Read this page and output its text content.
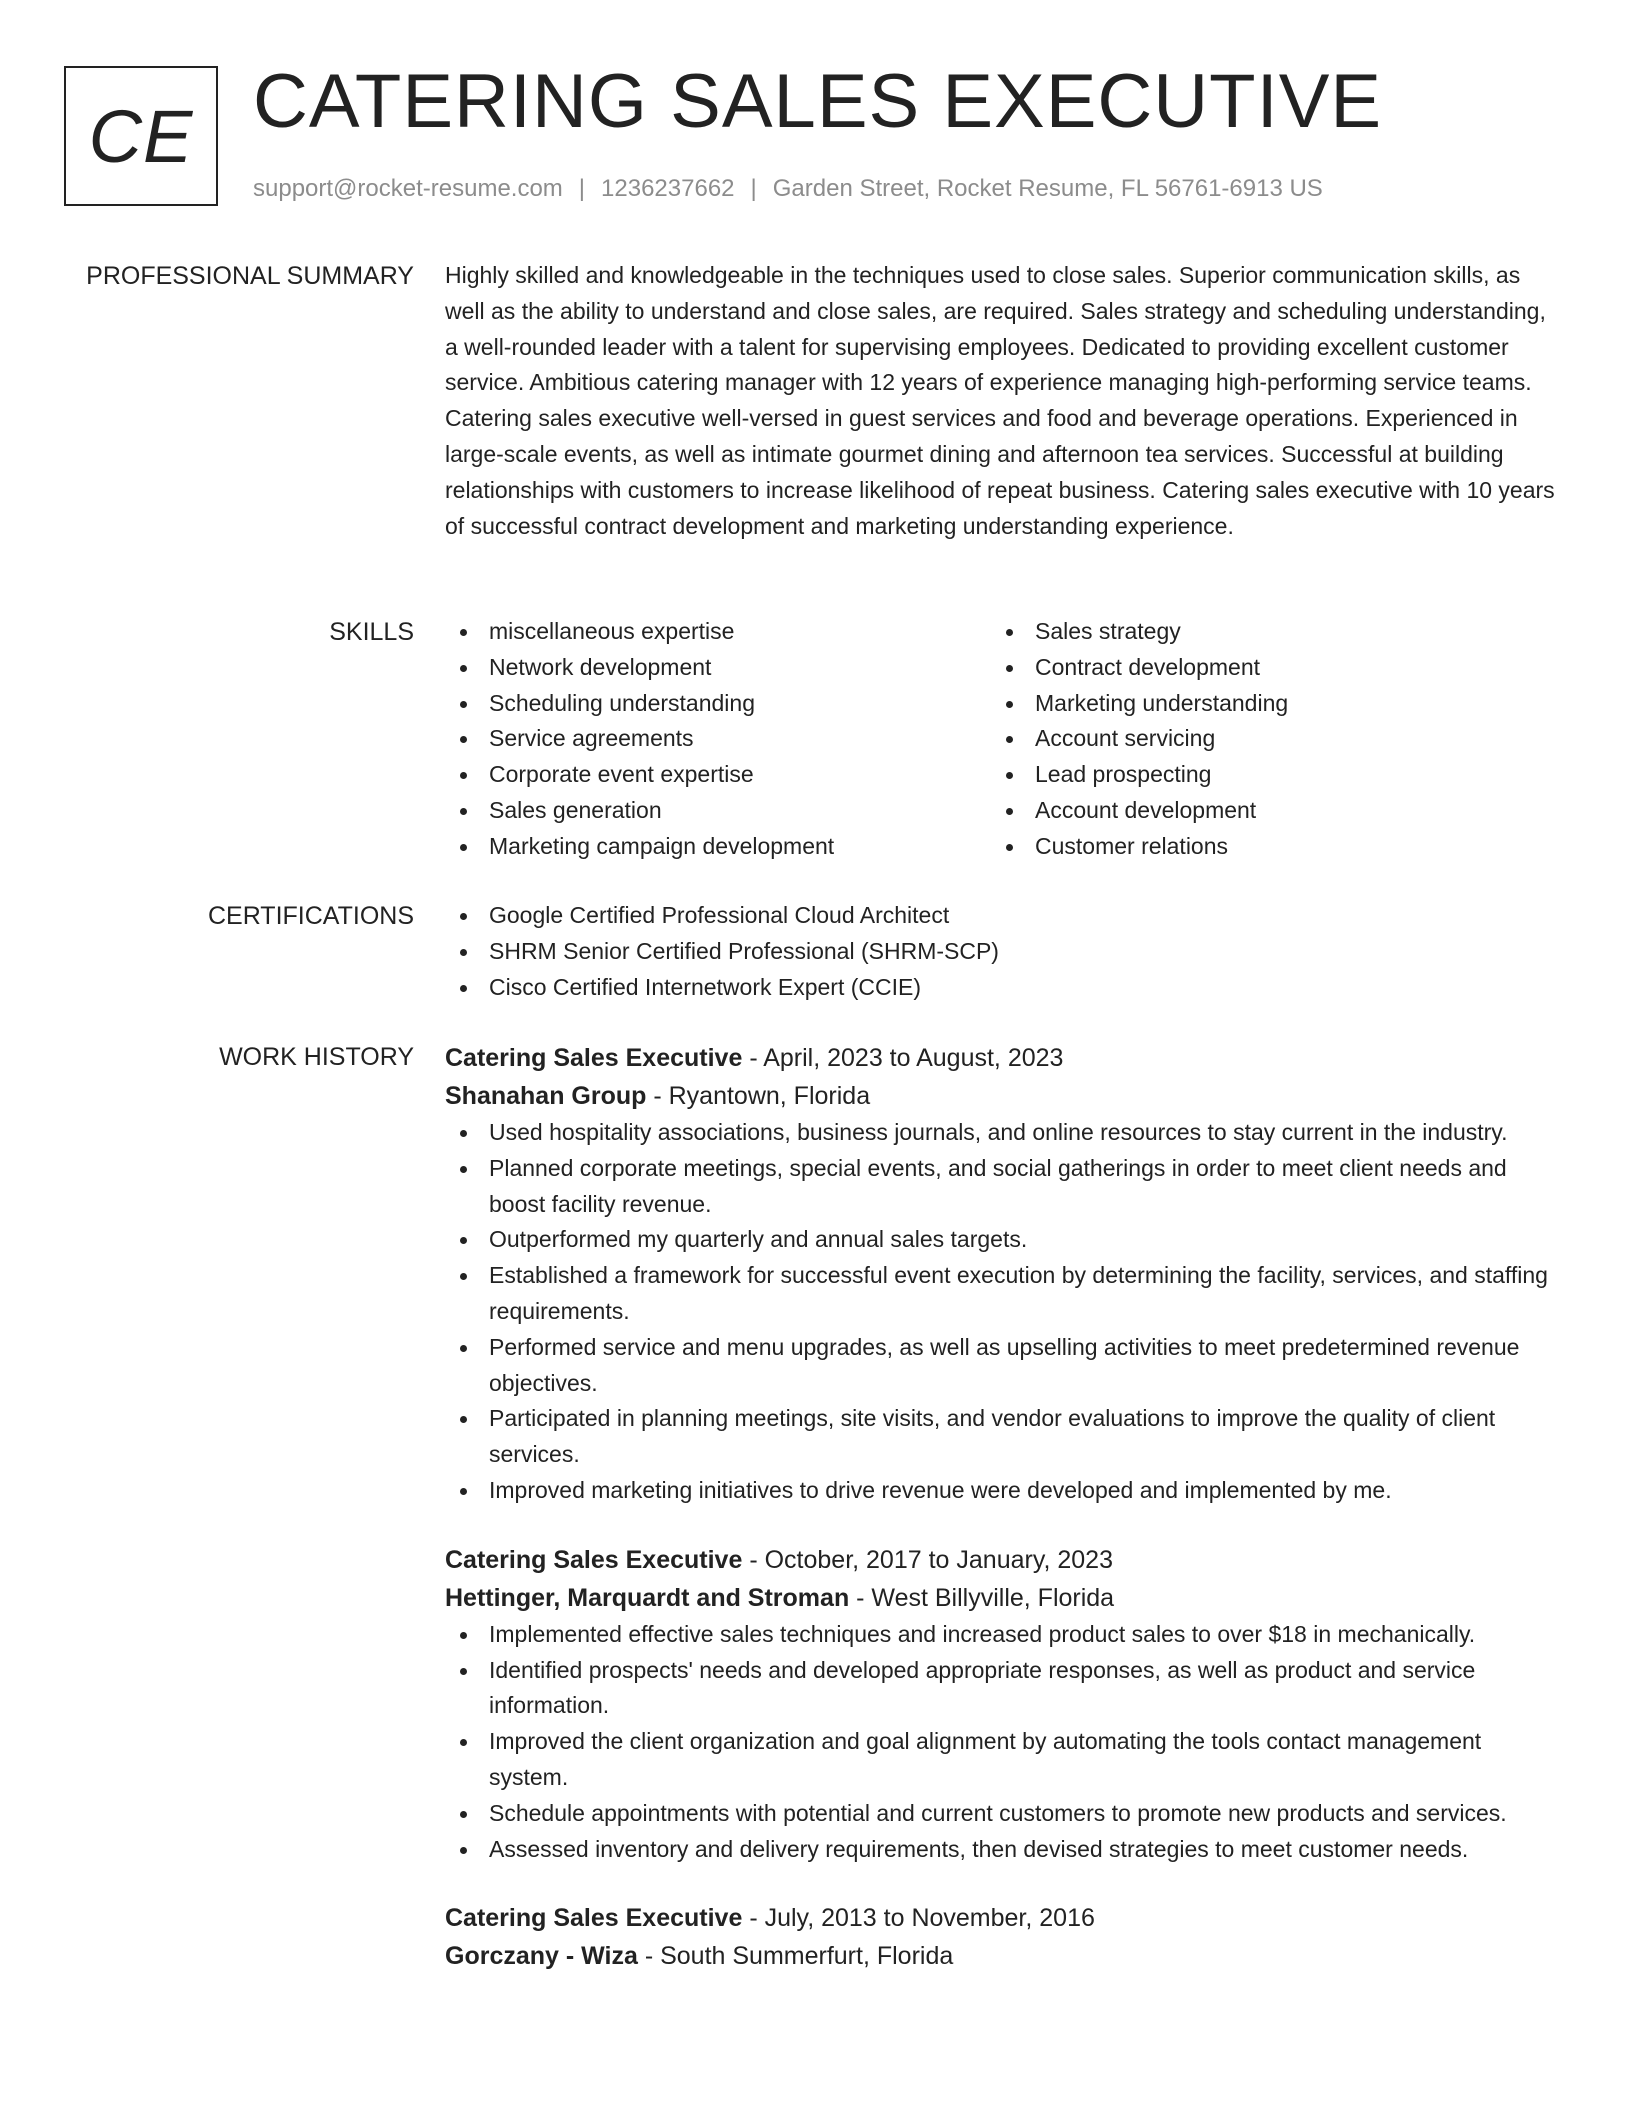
CE CATERING SALES EXECUTIVE
support@rocket-resume.com | 1236237662 | Garden Street, Rocket Resume, FL 56761-6913 US
PROFESSIONAL SUMMARY Highly skilled and knowledgeable in the techniques used to close sales. Superior communication skills, as well as the ability to understand and close sales, are required. Sales strategy and scheduling understanding, a well-rounded leader with a talent for supervising employees. Dedicated to providing excellent customer service. Ambitious catering manager with 12 years of experience managing high-performing service teams. Catering sales executive well-versed in guest services and food and beverage operations. Experienced in large-scale events, as well as intimate gourmet dining and afternoon tea services. Successful at building relationships with customers to increase likelihood of repeat business. Catering sales executive with 10 years of successful contract development and marketing understanding experience.

SKILLS	miscellaneous expertise
Network development
Scheduling understanding
Service agreements
Corporate event expertise
Sales generation
Marketing campaign development
Sales strategy
Contract development
Marketing understanding
Account servicing
Lead prospecting
Account development
Customer relations
CERTIFICATIONS	Google Certified Professional Cloud Architect
SHRM Senior Certified Professional (SHRM-SCP)
Cisco Certified Internetwork Expert (CCIE)
WORK HISTORY Catering Sales Executive - April, 2023 to August, 2023
Shanahan Group - Ryantown, Florida
Used hospitality associations, business journals, and online resources to stay current in the industry.
Planned corporate meetings, special events, and social gatherings in order to meet client needs and boost facility revenue.
Outperformed my quarterly and annual sales targets.
Established a framework for successful event execution by determining the facility, services, and staffing requirements.
Performed service and menu upgrades, as well as upselling activities to meet predetermined revenue objectives.
Participated in planning meetings, site visits, and vendor evaluations to improve the quality of client services.
Improved marketing initiatives to drive revenue were developed and implemented by me.
Catering Sales Executive - October, 2017 to January, 2023
Hettinger, Marquardt and Stroman - West Billyville, Florida
Implemented effective sales techniques and increased product sales to over $18 in mechanically.
Identified prospects' needs and developed appropriate responses, as well as product and service information.
Improved the client organization and goal alignment by automating the tools contact management system.
Schedule appointments with potential and current customers to promote new products and services.
Assessed inventory and delivery requirements, then devised strategies to meet customer needs.
Catering Sales Executive - July, 2013 to November, 2016
Gorczany - Wiza - South Summerfurt, Florida
